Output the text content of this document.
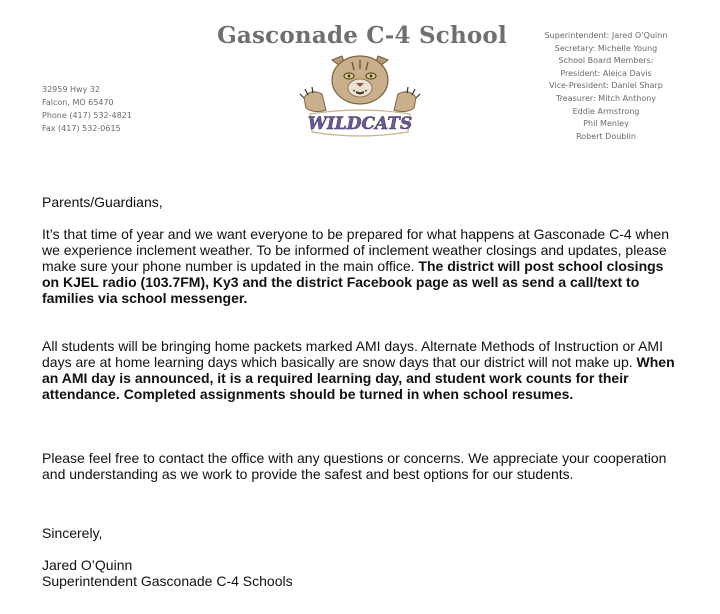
Gasconade C-4 School
32959 Hwy 32
Falcon, MO 65470
Phone (417) 532-4821
Fax (417) 532-0615	WILDCATS
Superintendent: Jared O’Quinn
Secretary: Michelle Young
School Board Members:
President: Aleica Davis
Vice-President: Daniel Sharp
Treasurer: Mitch Anthony
Eddie Armstrong
Phil Menley
Robert Doublin

Parents/Guardians,

It’s that time of year and we want everyone to be prepared for what happens at Gasconade C-4 when we experience inclement weather. To be informed of inclement weather closings and updates, please make sure your phone number is updated in the main office. The district will post school closings on KJEL radio (103.7FM), Ky3 and the district Facebook page as well as send a call/text to families via school messenger.

All students will be bringing home packets marked AMI days. Alternate Methods of Instruction or AMI days are at home learning days which basically are snow days that our district will not make up. When an AMI day is announced, it is a required learning day, and student work counts for their attendance. Completed assignments should be turned in when school resumes.

Please feel free to contact the office with any questions or concerns. We appreciate your cooperation and understanding as we work to provide the safest and best options for our students.

Sincerely,

Jared O’Quinn

Superintendent Gasconade C-4 Schools
